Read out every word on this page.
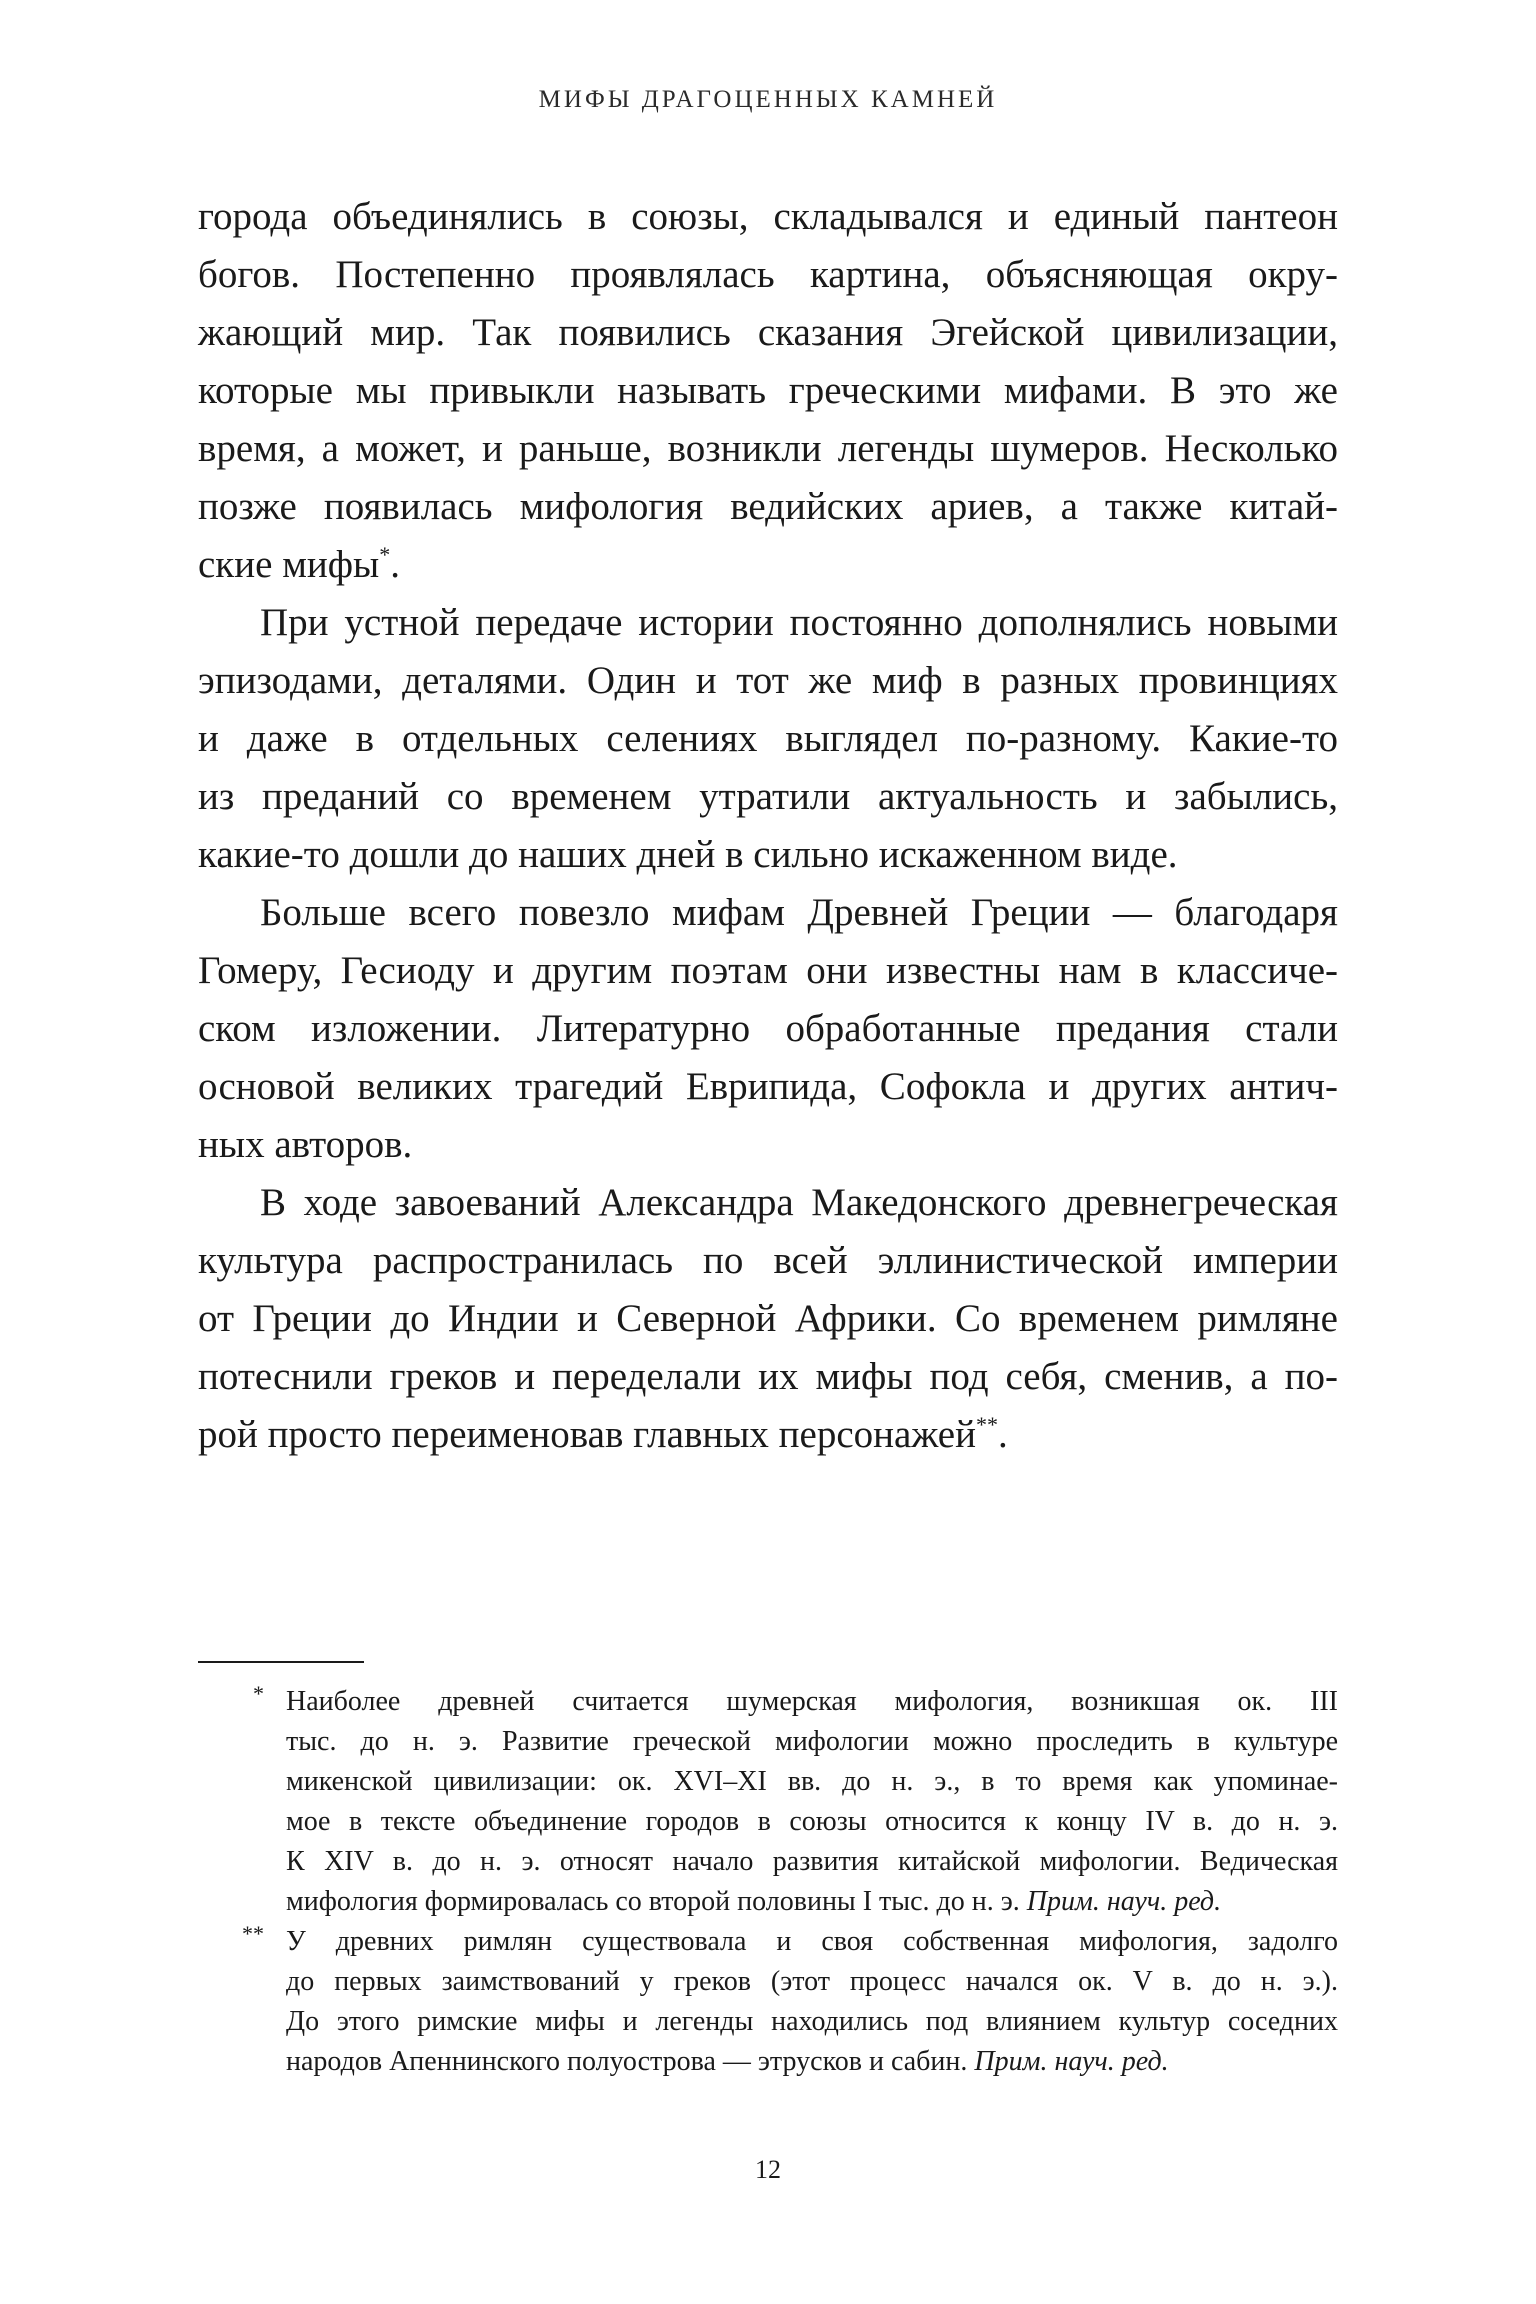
МИФЫ ДРАГОЦЕННЫХ КАМНЕЙ

города объединялись в союзы, складывался и единый пантеон
богов. Постепенно проявлялась картина, объясняющая окру-
жающий мир. Так появились сказания Эгейской цивилизации,
которые мы привыкли называть греческими мифами. В это же
время, а может, и раньше, возникли легенды шумеров. Несколько
позже появилась мифология ведийских ариев, а также китай-
ские мифы*.

При устной передаче истории постоянно дополнялись новыми
эпизодами, деталями. Один и тот же миф в разных провинциях
и даже в отдельных селениях выглядел по-разному. Какие-то
из преданий со временем утратили актуальность и забылись,
какие-то дошли до наших дней в сильно искаженном виде.

Больше всего повезло мифам Древней Греции — благодаря
Гомеру, Гесиоду и другим поэтам они известны нам в классиче-
ском изложении. Литературно обработанные предания стали
основой великих трагедий Еврипида, Софокла и других антич-
ных авторов.

В ходе завоеваний Александра Македонского древнегреческая
культура распространилась по всей эллинистической империи
от Греции до Индии и Северной Африки. Со временем римляне
потеснили греков и переделали их мифы под себя, сменив, а по-
рой просто переименовав главных персонажей**.

* Наиболее древней считается шумерская мифология, возникшая ок. III
тыс. до н. э. Развитие греческой мифологии можно проследить в культуре
микенской цивилизации: ок. XVI–XI вв. до н. э., в то время как упоминае-
мое в тексте объединение городов в союзы относится к концу IV в. до н. э.
К XIV в. до н. э. относят начало развития китайской мифологии. Ведическая
мифология формировалась со второй половины I тыс. до н. э. Прим. науч. ред.
** У древних римлян существовала и своя собственная мифология, задолго
до первых заимствований у греков (этот процесс начался ок. V в. до н. э.).
До этого римские мифы и легенды находились под влиянием культур соседних
народов Апеннинского полуострова — этрусков и сабин. Прим. науч. ред.
12
